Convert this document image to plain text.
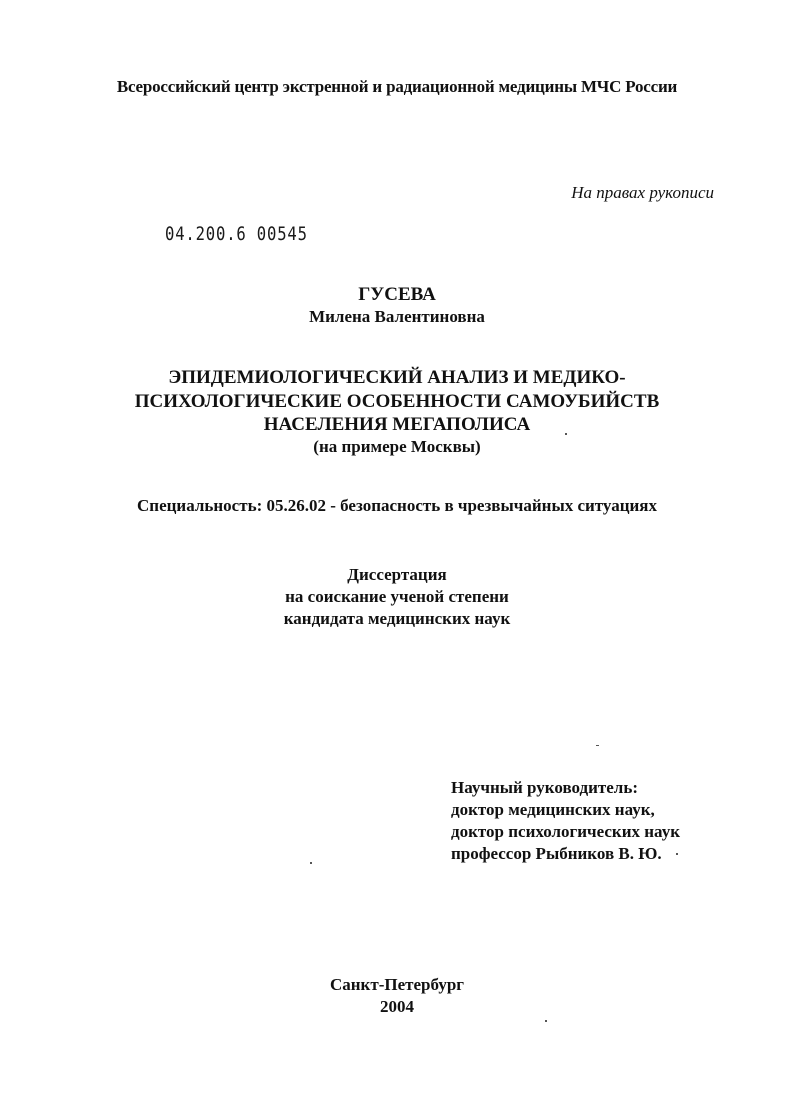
Всероссийский центр экстренной и радиационной медицины МЧС России
На правах рукописи
04.200.6 00545
ГУСЕВА
Милена Валентиновна
ЭПИДЕМИОЛОГИЧЕСКИЙ АНАЛИЗ И МЕДИКО-
ПСИХОЛОГИЧЕСКИЕ ОСОБЕННОСТИ САМОУБИЙСТВ
НАСЕЛЕНИЯ МЕГАПОЛИСА
(на примере Москвы)
Специальность: 05.26.02 - безопасность в чрезвычайных ситуациях
Диссертация
на соискание ученой степени
кандидата медицинских наук
Научный руководитель:
доктор медицинских наук,
доктор психологических наук
профессор Рыбников В. Ю.
Санкт-Петербург
2004
